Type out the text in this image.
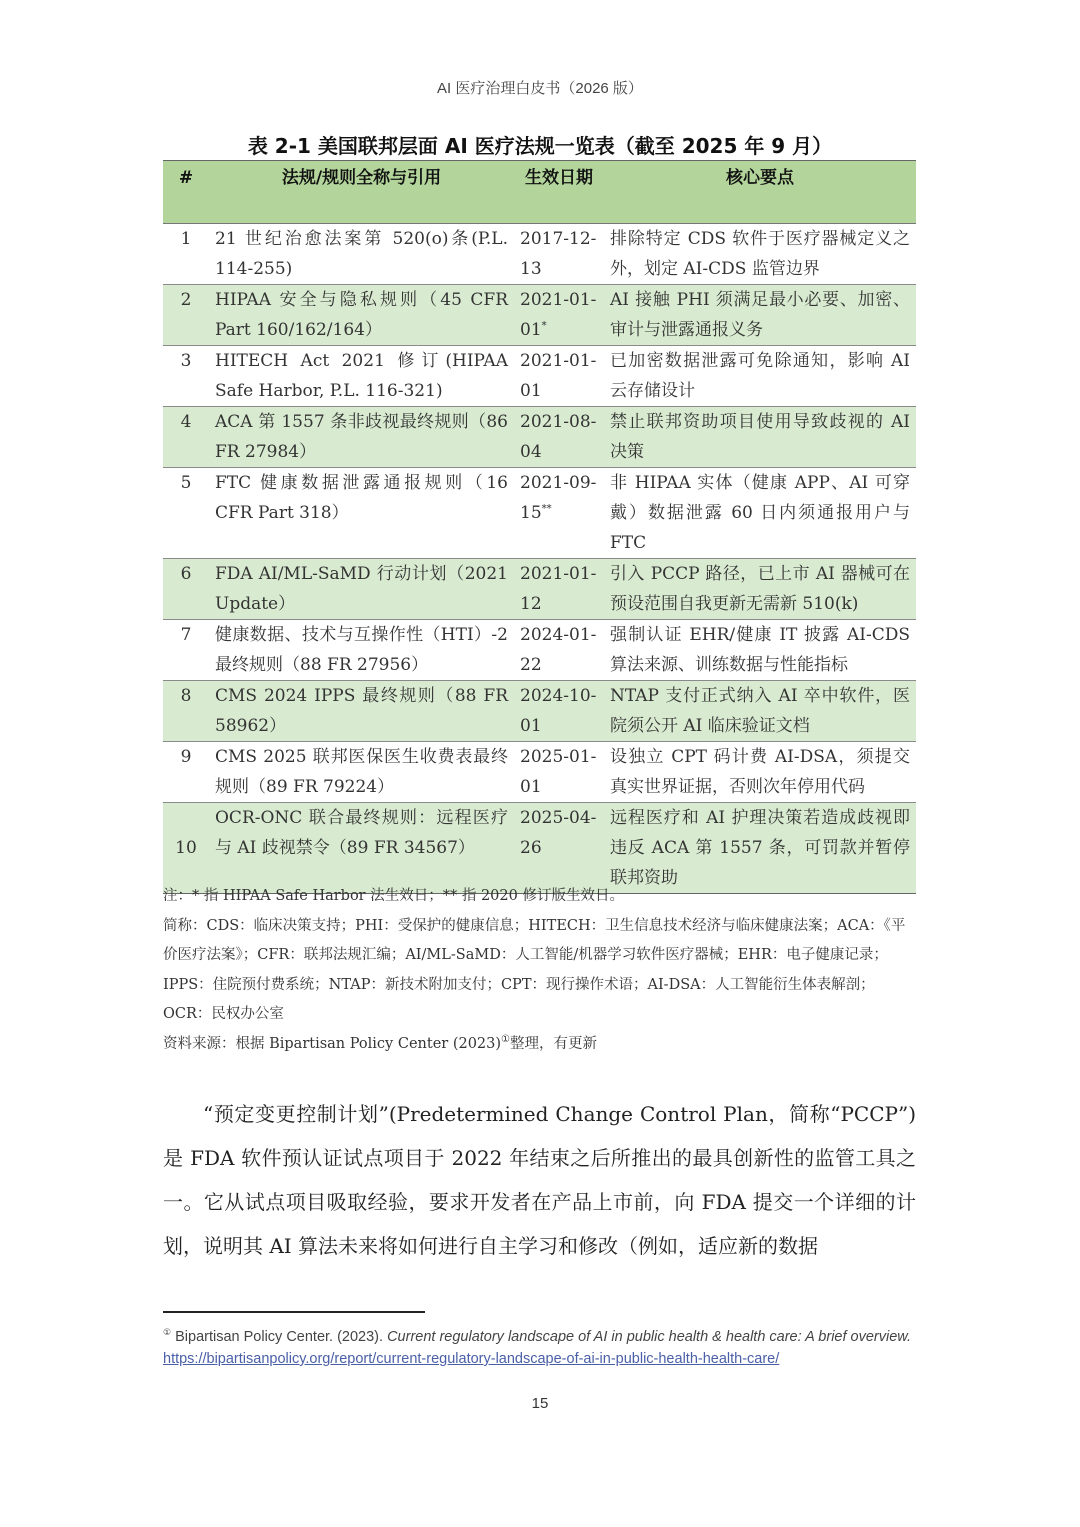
AI 医疗治理白皮书（2026 版）
表 2-1 美国联邦层面 AI 医疗法规一览表（截至 2025 年 9 月）
#	法规/规则全称与引用	生效日期	核心要点
1	21 世纪治愈法案第 520(o)条(P.L. 114-255)	2017-12-13	排除特定 CDS 软件于医疗器械定义之外，划定 AI-CDS 监管边界
2	HIPAA 安全与隐私规则（45 CFR Part 160/162/164）	2021-01-01*	AI 接触 PHI 须满足最小必要、加密、审计与泄露通报义务
3	HITECH Act 2021 修订(HIPAA Safe Harbor, P.L. 116-321)	2021-01-01	已加密数据泄露可免除通知，影响 AI 云存储设计
4	ACA 第 1557 条非歧视最终规则（86 FR 27984）	2021-08-04	禁止联邦资助项目使用导致歧视的 AI 决策
5	FTC 健康数据泄露通报规则（16 CFR Part 318）	2021-09-15**	非 HIPAA 实体（健康 APP、AI 可穿戴）数据泄露 60 日内须通报用户与 FTC
6	FDA AI/ML-SaMD 行动计划（2021 Update）	2021-01-12	引入 PCCP 路径，已上市 AI 器械可在预设范围自我更新无需新 510(k)
7	健康数据、技术与互操作性（HTI）-2 最终规则（88 FR 27956）	2024-01-22	强制认证 EHR/健康 IT 披露 AI-CDS 算法来源、训练数据与性能指标
8	CMS 2024 IPPS 最终规则（88 FR 58962）	2024-10-01	NTAP 支付正式纳入 AI 卒中软件，医院须公开 AI 临床验证文档
9	CMS 2025 联邦医保医生收费表最终规则（89 FR 79224）	2025-01-01	设独立 CPT 码计费 AI-DSA，须提交真实世界证据，否则次年停用代码
10	OCR-ONC 联合最终规则：远程医疗与 AI 歧视禁令（89 FR 34567）	2025-04-26	远程医疗和 AI 护理决策若造成歧视即违反 ACA 第 1557 条，可罚款并暂停联邦资助

注：* 指 HIPAA Safe Harbor 法生效日；** 指 2020 修订版生效日。

简称：CDS：临床决策支持；PHI：受保护的健康信息；HITECH：卫生信息技术经济与临床健康法案；ACA：《平价医疗法案》；CFR：联邦法规汇编；AI/ML-SaMD：人工智能/机器学习软件医疗器械；EHR：电子健康记录；IPPS：住院预付费系统；NTAP：新技术附加支付；CPT：现行操作术语；AI-DSA：人工智能衍生体表解剖；OCR：民权办公室

资料来源：根据 Bipartisan Policy Center (2023)①整理，有更新

“预定变更控制计划”(Predetermined Change Control Plan，简称“PCCP”)是 FDA 软件预认证试点项目于 2022 年结束之后所推出的最具创新性的监管工具之一。它从试点项目吸取经验，要求开发者在产品上市前，向 FDA 提交一个详细的计划，说明其 AI 算法未来将如何进行自主学习和修改（例如，适应新的数据

① Bipartisan Policy Center. (2023). Current regulatory landscape of AI in public health & health care: A brief overview. https://bipartisanpolicy.org/report/current-regulatory-landscape-of-ai-in-public-health-health-care/
15
